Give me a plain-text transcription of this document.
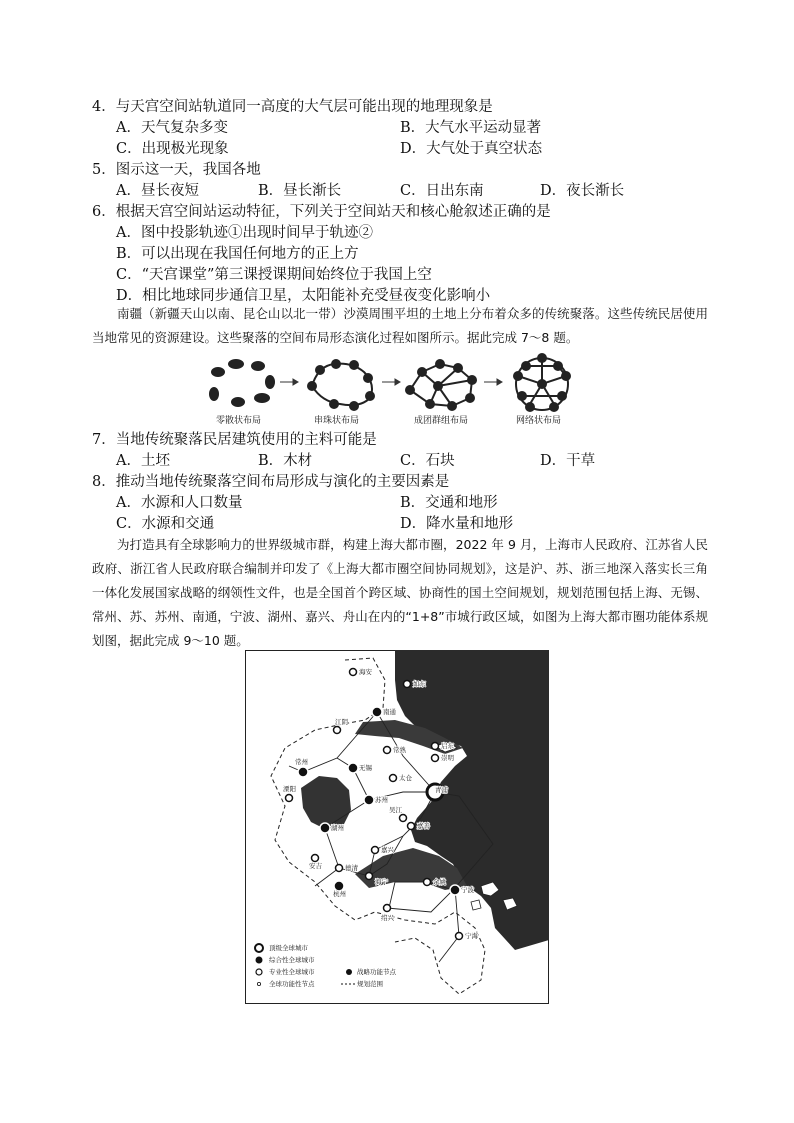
4．与天宫空间站轨道同一高度的大气层可能出现的地理现象是
A．天气复杂多变	B．大气水平运动显著
C．出现极光现象	D．大气处于真空状态
5．图示这一天，我国各地
A．昼长夜短	B．昼长渐长	C．日出东南	D．夜长渐长
6．根据天宫空间站运动特征，下列关于空间站天和核心舱叙述正确的是
A．图中投影轨迹①出现时间早于轨迹②
B．可以出现在我国任何地方的正上方
C．“天宫课堂”第三课授课期间始终位于我国上空
D．相比地球同步通信卫星，太阳能补充受昼夜变化影响小
南疆（新疆天山以南、昆仑山以北一带）沙漠周围平坦的土地上分布着众多的传统聚落。这些传统民居使用当地常见的资源建设。这些聚落的空间布局形态演化过程如图所示。据此完成 7～8 题。
零散状布局	串珠状布局	成团群组布局	网络状布局
7．当地传统聚落民居建筑使用的主料可能是
A．土坯	B．木材	C．石块	D．干草
8．推动当地传统聚落空间布局形成与演化的主要因素是
A．水源和人口数量	B．交通和地形
C．水源和交通	D．降水量和地形
为打造具有全球影响力的世界级城市群，构建上海大都市圈，2022 年 9 月，上海市人民政府、江苏省人民政府、浙江省人民政府联合编制并印发了《上海大都市圈空间协同规划》，这是沪、苏、浙三地深入落实长三角一体化发展国家战略的纲领性文件，也是全国首个跨区域、协商性的国土空间规划，规划范围包括上海、无锡、常州、苏、苏州、南通，宁波、湖州、嘉兴、舟山在内的“1+8”市城行政区域，如图为上海大都市圈功能体系规划图，据此完成 9～10 题。
海安
如东
南通
启东
江阴
常熟
崇明
常州
无锡
太仓
溧阳
苏州
湖州	嘉善
吴江
安吉	德清
嘉兴
杭州
海宁	余姚
宁波
绍兴
宁海
青浦
顶级全球城市
综合性全球城市
专业性全球城市	战略功能节点
全球功能性节点	规划范围
